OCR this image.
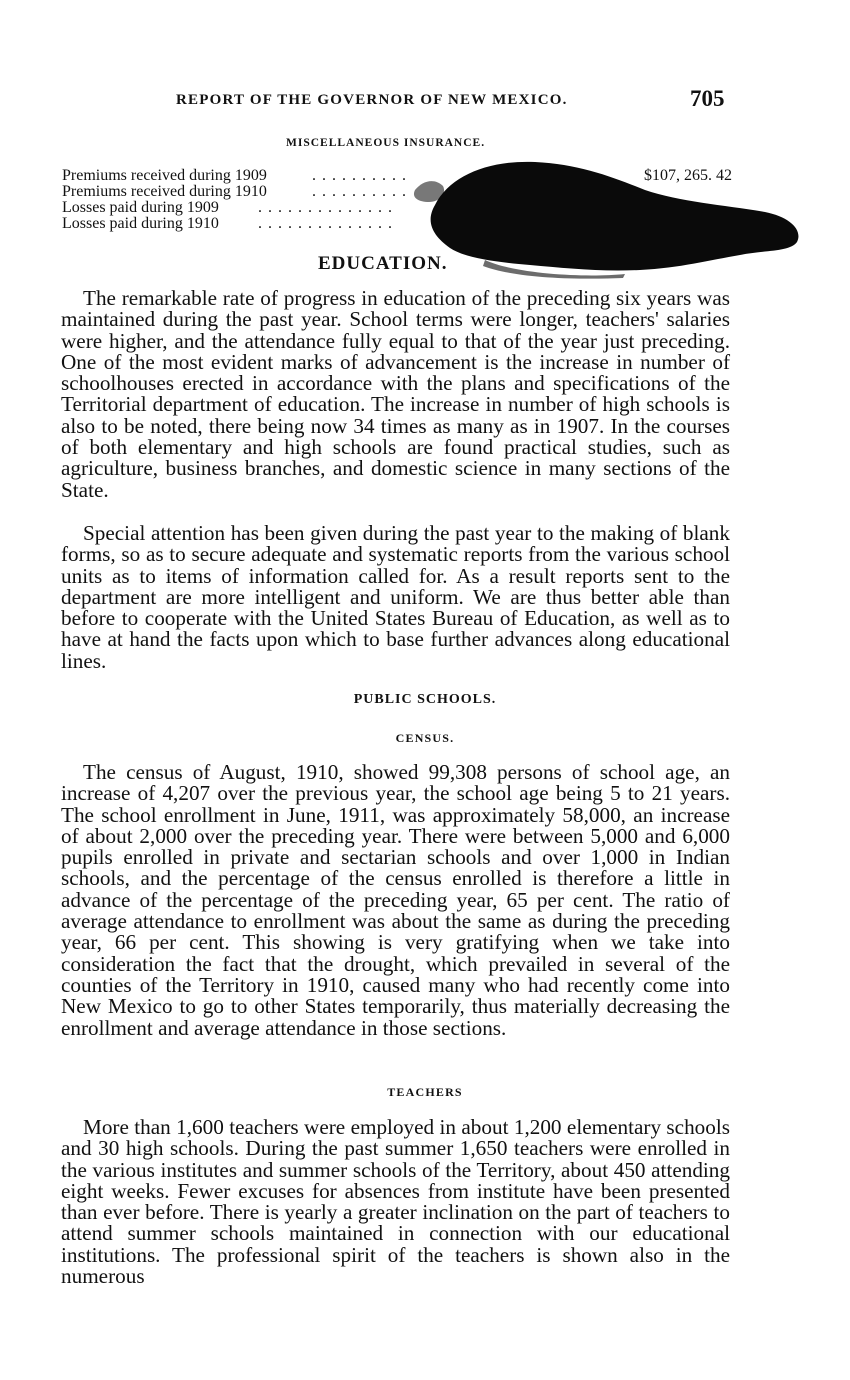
REPORT OF THE GOVERNOR OF NEW MEXICO.	705
MISCELLANEOUS INSURANCE.
Premiums received during 1909	. . . . . . . . . .	$107, 265. 42
Premiums received during 1910	. . . . . . . . . .
Losses paid during 1909 . . . . . . . . . . . . . .
Losses paid during 1910 . . . . . . . . . . . . . .
EDUCATION.

The remarkable rate of progress in education of the preceding six years was maintained during the past year. School terms were longer, teachers' salaries were higher, and the attendance fully equal to that of the year just preceding. One of the most evident marks of advancement is the increase in number of schoolhouses erected in accordance with the plans and specifications of the Territorial department of education. The increase in number of high schools is also to be noted, there being now 34 times as many as in 1907. In the courses of both elementary and high schools are found practical studies, such as agriculture, business branches, and domestic science in many sections of the State.

Special attention has been given during the past year to the making of blank forms, so as to secure adequate and systematic reports from the various school units as to items of information called for. As a result reports sent to the department are more intelligent and uniform. We are thus better able than before to cooperate with the United States Bureau of Education, as well as to have at hand the facts upon which to base further advances along educational lines.

PUBLIC SCHOOLS.
CENSUS.

The census of August, 1910, showed 99,308 persons of school age, an increase of 4,207 over the previous year, the school age being 5 to 21 years. The school enrollment in June, 1911, was approximately 58,000, an increase of about 2,000 over the preceding year. There were between 5,000 and 6,000 pupils enrolled in private and sectarian schools and over 1,000 in Indian schools, and the percentage of the census enrolled is therefore a little in advance of the percentage of the preceding year, 65 per cent. The ratio of average attendance to enrollment was about the same as during the preceding year, 66 per cent. This showing is very gratifying when we take into consideration the fact that the drought, which prevailed in several of the counties of the Territory in 1910, caused many who had recently come into New Mexico to go to other States temporarily, thus materially decreasing the enrollment and average attendance in those sections.

TEACHERS

More than 1,600 teachers were employed in about 1,200 elementary schools and 30 high schools. During the past summer 1,650 teachers were enrolled in the various institutes and summer schools of the Territory, about 450 attending eight weeks. Fewer excuses for absences from institute have been presented than ever before. There is yearly a greater inclination on the part of teachers to attend summer schools maintained in connection with our educational institutions. The professional spirit of the teachers is shown also in the numerous
